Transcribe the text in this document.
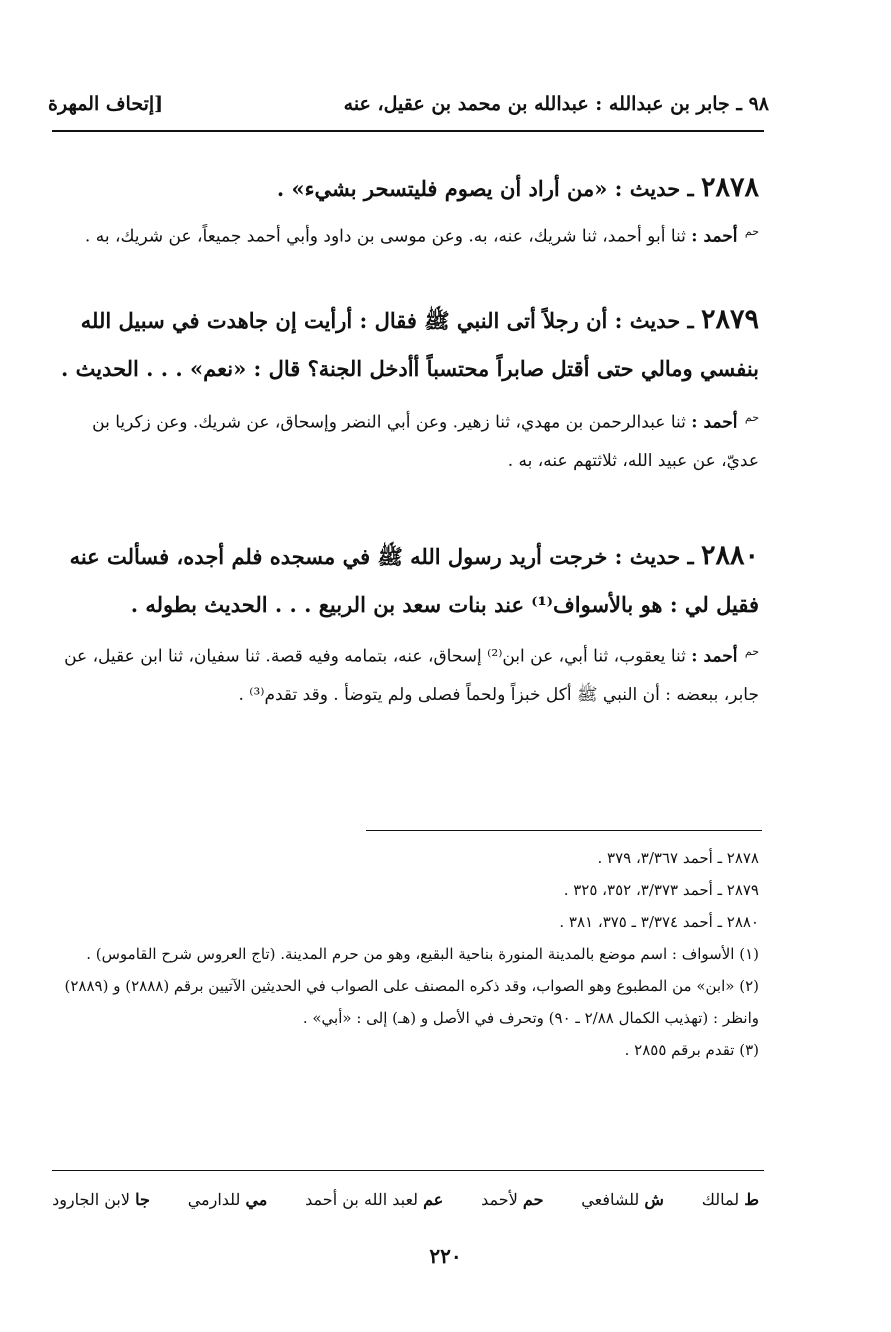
٩٨ ـ جابر بن عبدالله : عبدالله بن محمد بن عقيل، عنه
[إتحاف المهرة

٢٨٧٨ ـ حديث : «من أراد أن يصوم فليتسحر بشيء» .

$^{حم}$ أحمد : ثنا أبو أحمد، ثنا شريك، عنه، به. وعن موسى بن داود وأبي أحمد جميعاً، عن شريك، به .

٢٨٧٩ ـ حديث : أن رجلاً أتى النبي ﷺ فقال : أرأيت إن جاهدت في سبيل الله بنفسي ومالي حتى أقتل صابراً محتسباً أأدخل الجنة؟ قال : «نعم» . . . الحديث .

$^{حم}$ أحمد : ثنا عبدالرحمن بن مهدي، ثنا زهير. وعن أبي النضر وإسحاق، عن شريك. وعن زكريا بن عديّ، عن عبيد الله، ثلاثتهم عنه، به .

٢٨٨٠ ـ حديث : خرجت أريد رسول الله ﷺ في مسجده فلم أجده، فسألت عنه فقيل لي : هو بالأسواف⁽¹⁾ عند بنات سعد بن الربيع . . . الحديث بطوله .

$^{حم}$ أحمد : ثنا يعقوب، ثنا أبي، عن ابن⁽²⁾ إسحاق، عنه، بتمامه وفيه قصة. ثنا سفيان، ثنا ابن عقيل، عن جابر، ببعضه : أن النبي ﷺ أكل خبزاً ولحماً فصلى ولم يتوضأ . وقد تقدم⁽³⁾ .

٢٨٧٨ ـ أحمد ٣/٣٦٧، ٣٧٩ .

٢٨٧٩ ـ أحمد ٣/٣٧٣، ٣٥٢، ٣٢٥ .

٢٨٨٠ ـ أحمد ٣/٣٧٤ ـ ٣٧٥، ٣٨١ .

(١) الأسواف : اسم موضع بالمدينة المنورة بناحية البقيع، وهو من حرم المدينة. (تاج العروس شرح القاموس) .

(٢) «ابن» من المطبوع وهو الصواب، وقد ذكره المصنف على الصواب في الحديثين الآتيين برقم (٢٨٨٨) و (٢٨٨٩) وانظر : (تهذيب الكمال ٢/٨٨ ـ ٩٠) وتحرف في الأصل و (هـ) إلى : «أبي» .

(٣) تقدم برقم ٢٨٥٥ .

ط لمالك
ش للشافعي
حم لأحمد
عم لعبد الله بن أحمد
مي للدارمي
جا لابن الجارود
٢٢٠
